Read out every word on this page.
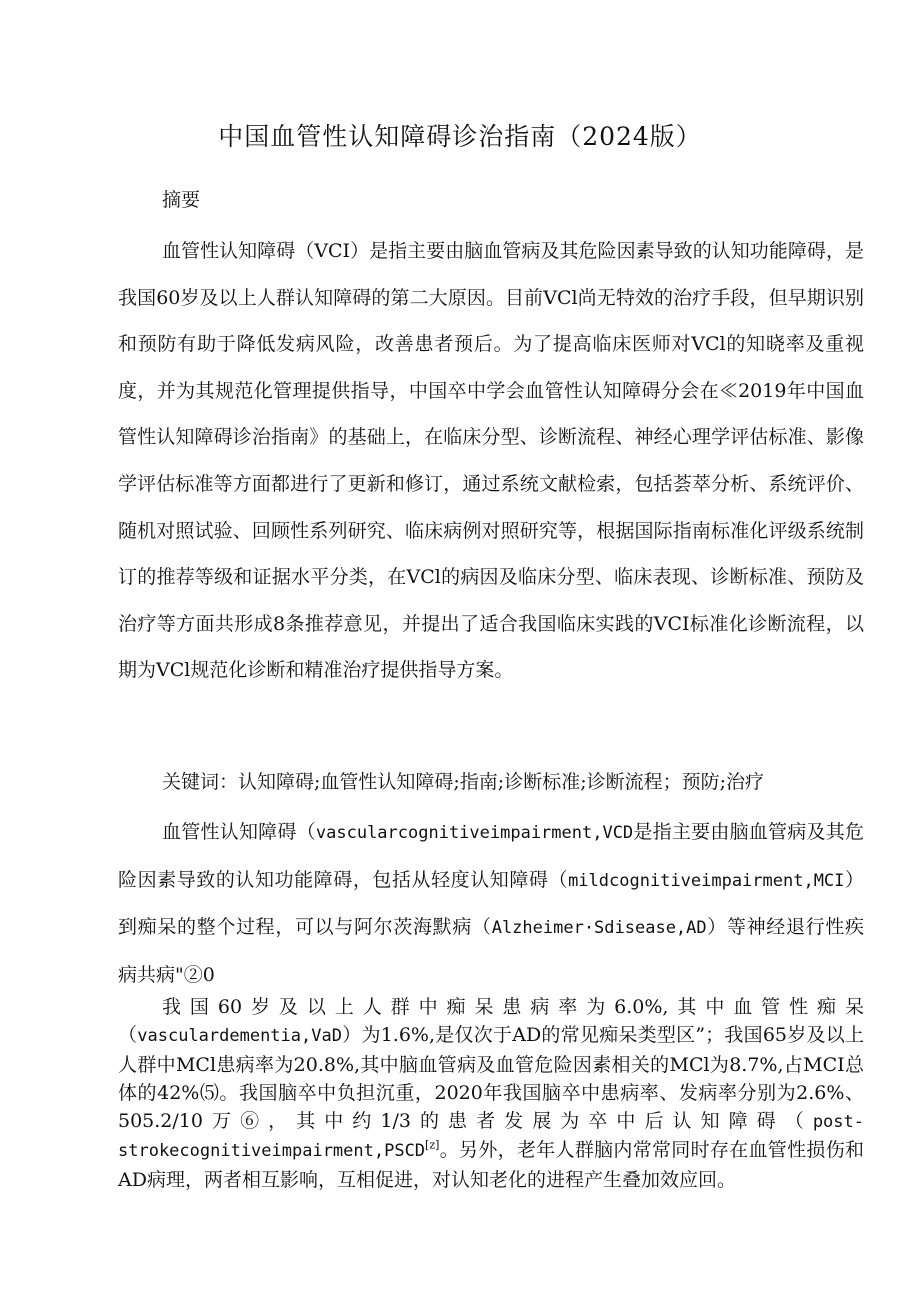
中国血管性认知障碍诊治指南（2024版）

摘要

血管性认知障碍（VCI）是指主要由脑血管病及其危险因素导致的认知功能障碍，是我国60岁及以上人群认知障碍的第二大原因。目前VCl尚无特效的治疗手段，但早期识别和预防有助于降低发病风险，改善患者预后。为了提高临床医师对VCl的知晓率及重视度，并为其规范化管理提供指导，中国卒中学会血管性认知障碍分会在≪2019年中国血管性认知障碍诊治指南》的基础上，在临床分型、诊断流程、神经心理学评估标准、影像学评估标准等方面都进行了更新和修订，通过系统文献检索，包括荟萃分析、系统评价、随机对照试验、回顾性系列研究、临床病例对照研究等，根据国际指南标准化评级系统制订的推荐等级和证据水平分类，在VCl的病因及临床分型、临床表现、诊断标准、预防及治疗等方面共形成8条推荐意见，并提出了适合我国临床实践的VCI标准化诊断流程，以期为VCl规范化诊断和精准治疗提供指导方案。

关键词：认知障碍;血管性认知障碍;指南;诊断标准;诊断流程；预防;治疗

血管性认知障碍（vascularcognitiveimpairment,VCD是指主要由脑血管病及其危险因素导致的认知功能障碍，包括从轻度认知障碍（mildcognitiveimpairment,MCI）到痴呆的整个过程，可以与阿尔茨海默病（Alzheimer·Sdisease,AD）等神经退行性疾病共病"②0

我国60岁及以上人群中痴呆患病率为6.0%,其中血管性痴呆（vasculardementia,VaD）为1.6%,是仅次于AD的常见痴呆类型区”；我国65岁及以上人群中MCl患病率为20.8%,其中脑血管病及血管危险因素相关的MCl为8.7%,占MCI总体的42%⑸。我国脑卒中负担沉重，2020年我国脑卒中患病率、发病率分别为2.6%、505.2/10万⑥，其中约1/3的患者发展为卒中后认知障碍（post-strokecognitiveimpairment,PSCD[z]。另外，老年人群脑内常常同时存在血管性损伤和AD病理，两者相互影响，互相促进，对认知老化的进程产生叠加效应回。
